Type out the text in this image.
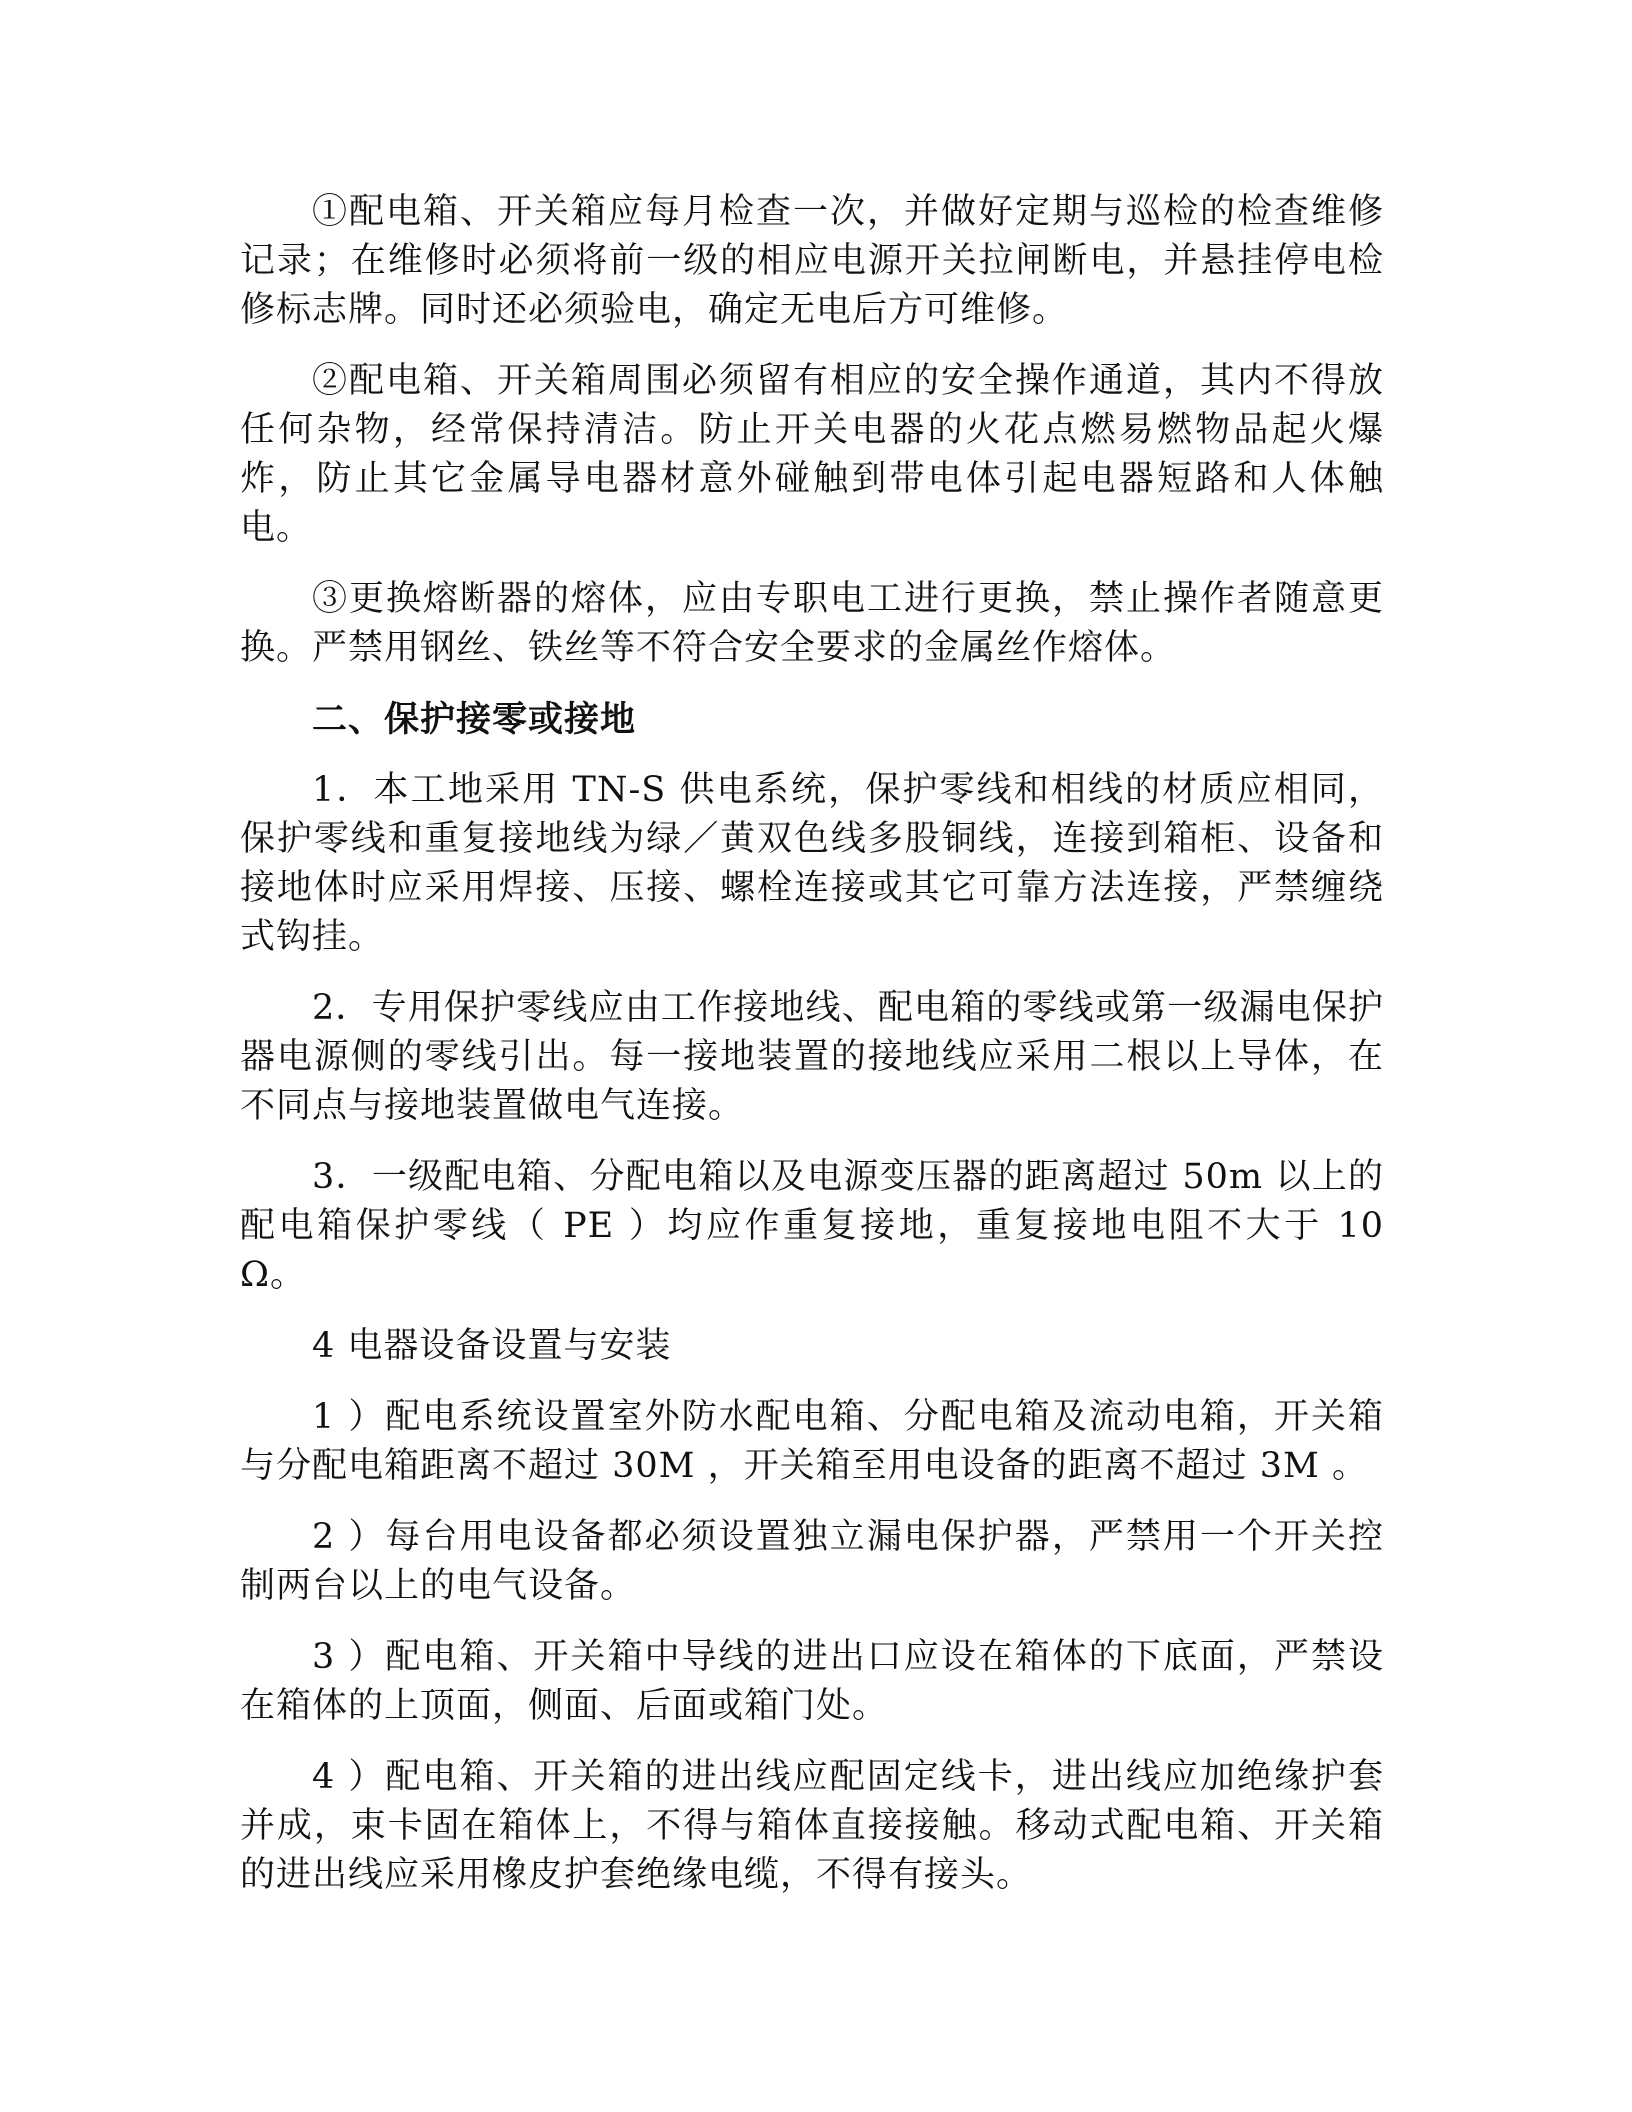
①配电箱、开关箱应每月检查一次，并做好定期与巡检的检查维修记录；在维修时必须将前一级的相应电源开关拉闸断电，并悬挂停电检修标志牌。同时还必须验电，确定无电后方可维修。

②配电箱、开关箱周围必须留有相应的安全操作通道，其内不得放任何杂物，经常保持清洁。防止开关电器的火花点燃易燃物品起火爆炸，防止其它金属导电器材意外碰触到带电体引起电器短路和人体触电。

③更换熔断器的熔体，应由专职电工进行更换，禁止操作者随意更换。严禁用钢丝、铁丝等不符合安全要求的金属丝作熔体。

二、保护接零或接地

1．本工地采用 TN-S 供电系统，保护零线和相线的材质应相同，保护零线和重复接地线为绿／黄双色线多股铜线，连接到箱柜、设备和接地体时应采用焊接、压接、螺栓连接或其它可靠方法连接，严禁缠绕式钩挂。

2．专用保护零线应由工作接地线、配电箱的零线或第一级漏电保护器电源侧的零线引出。每一接地装置的接地线应采用二根以上导体，在不同点与接地装置做电气连接。

3．一级配电箱、分配电箱以及电源变压器的距离超过 50m 以上的配电箱保护零线（ PE ）均应作重复接地，重复接地电阻不大于 10 Ω。

4 电器设备设置与安装

1 ）配电系统设置室外防水配电箱、分配电箱及流动电箱，开关箱与分配电箱距离不超过 30M ，开关箱至用电设备的距离不超过 3M 。

2 ）每台用电设备都必须设置独立漏电保护器，严禁用一个开关控制两台以上的电气设备。

3 ）配电箱、开关箱中导线的进出口应设在箱体的下底面，严禁设在箱体的上顶面，侧面、后面或箱门处。

4 ）配电箱、开关箱的进出线应配固定线卡，进出线应加绝缘护套并成，束卡固在箱体上，不得与箱体直接接触。移动式配电箱、开关箱的进出线应采用橡皮护套绝缘电缆，不得有接头。
